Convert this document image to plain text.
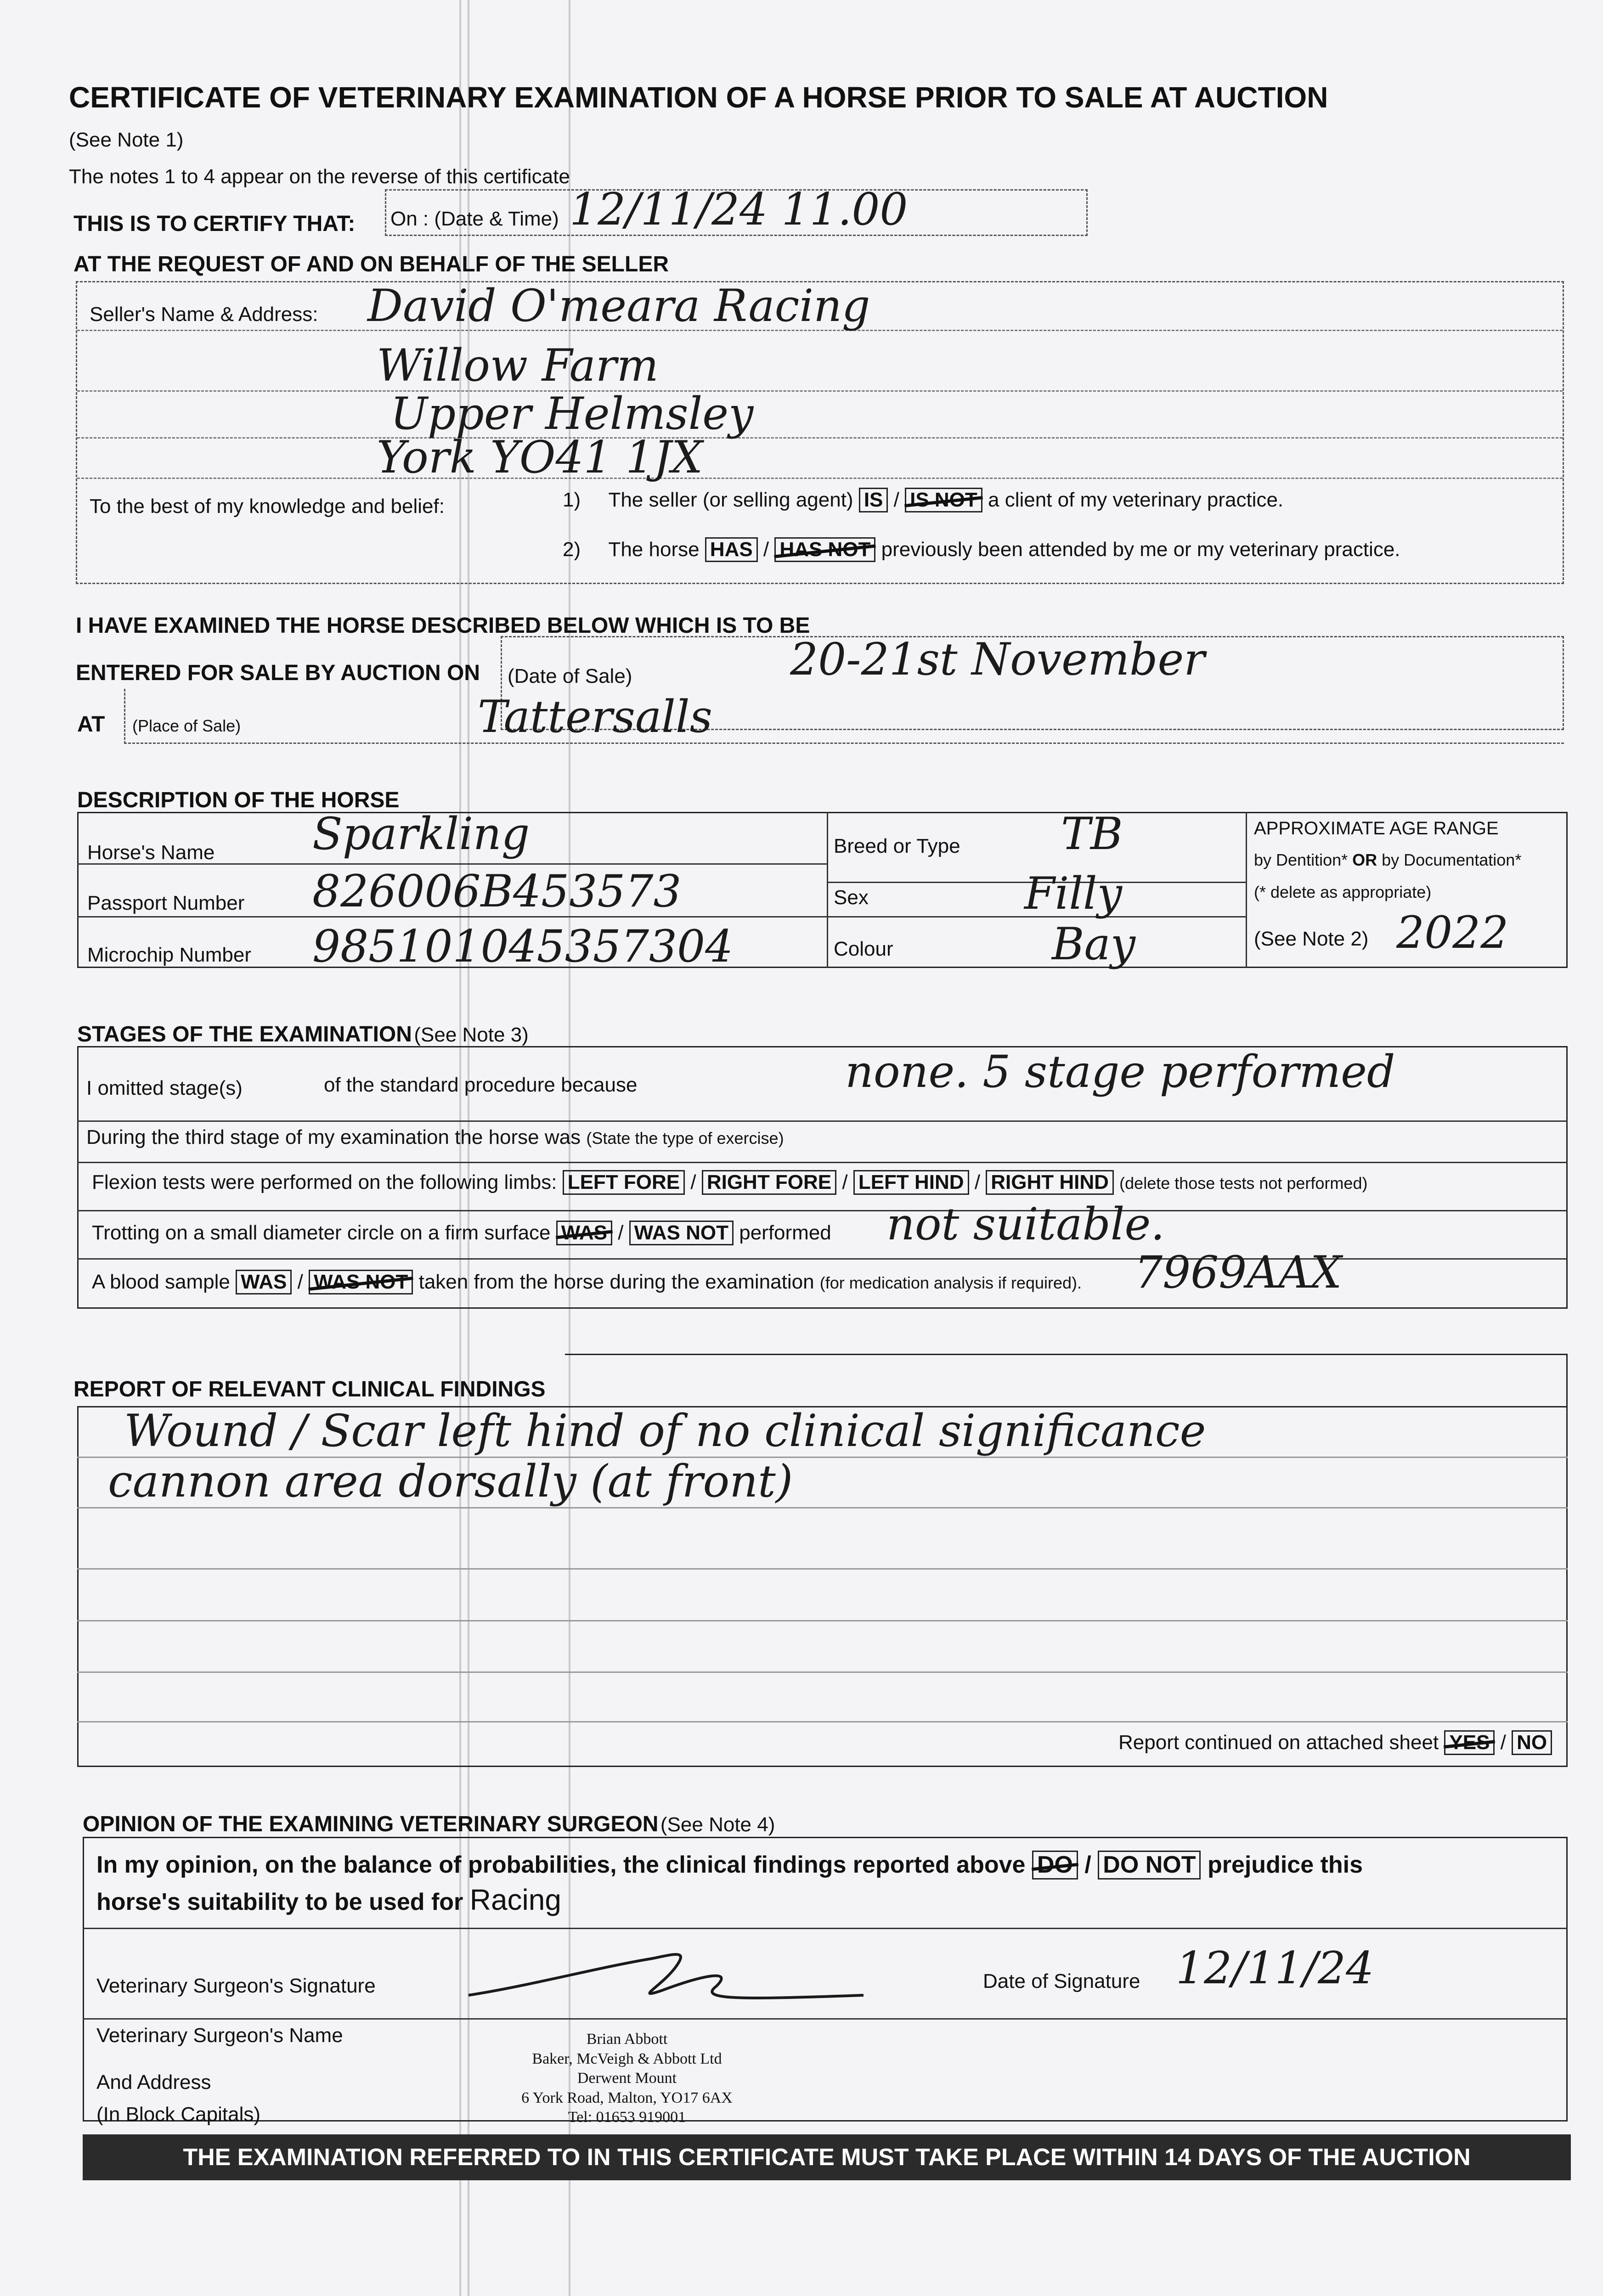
CERTIFICATE OF VETERINARY EXAMINATION OF A HORSE PRIOR TO SALE AT AUCTION
(See Note 1)
The notes 1 to 4 appear on the reverse of this certificate
THIS IS TO CERTIFY THAT: On : (Date & Time) 12/11/24 11.00
AT THE REQUEST OF AND ON BEHALF OF THE SELLER
Seller's Name & Address: David O'meara Racing
Willow Farm
Upper Helmsley
York YO41 1JX
To the best of my knowledge and belief:	1) The seller (or selling agent) IS / IS NOT a client of my veterinary practice.
2) The horse HAS / HAS NOT previously been attended by me or my veterinary practice.
I HAVE EXAMINED THE HORSE DESCRIBED BELOW WHICH IS TO BE
ENTERED FOR SALE BY AUCTION ON (Date of Sale)	20-21st November
AT (Place of Sale)	Tattersalls
DESCRIPTION OF THE HORSE
Horse's Name Sparkling
Passport Number 826006B453573
Microchip Number 985101045357304
Breed or Type TB
Sex	Filly
Colour	Bay
APPROXIMATE AGE RANGE
by Dentition* OR by Documentation*
(* delete as appropriate)
(See Note 2) 2022
STAGES OF THE EXAMINATION (See Note 3)
I omitted stage(s)	of the standard procedure because	none. 5 stage performed
During the third stage of my examination the horse was (State the type of exercise)
Flexion tests were performed on the following limbs: LEFT FORE / RIGHT FORE / LEFT HIND / RIGHT HIND (delete those tests not performed)
Trotting on a small diameter circle on a firm surface WAS / WAS NOT performed not suitable.
A blood sample WAS / WAS NOT taken from the horse during the examination (for medication analysis if required). 7969AAX
REPORT OF RELEVANT CLINICAL FINDINGS
Wound / Scar left hind of no clinical significance
cannon area dorsally (at front)
Report continued on attached sheet YES / NO
OPINION OF THE EXAMINING VETERINARY SURGEON (See Note 4)
In my opinion, on the balance of probabilities, the clinical findings reported above DO / DO NOT prejudice this
horse's suitability to be used for Racing
Veterinary Surgeon's Signature	Date of Signature 12/11/24
Veterinary Surgeon's Name
And Address
(In Block Capitals)
Brian Abbott
Baker, McVeigh & Abbott Ltd
Derwent Mount
6 York Road, Malton, YO17 6AX
Tel: 01653 919001
THE EXAMINATION REFERRED TO IN THIS CERTIFICATE MUST TAKE PLACE WITHIN 14 DAYS OF THE AUCTION
